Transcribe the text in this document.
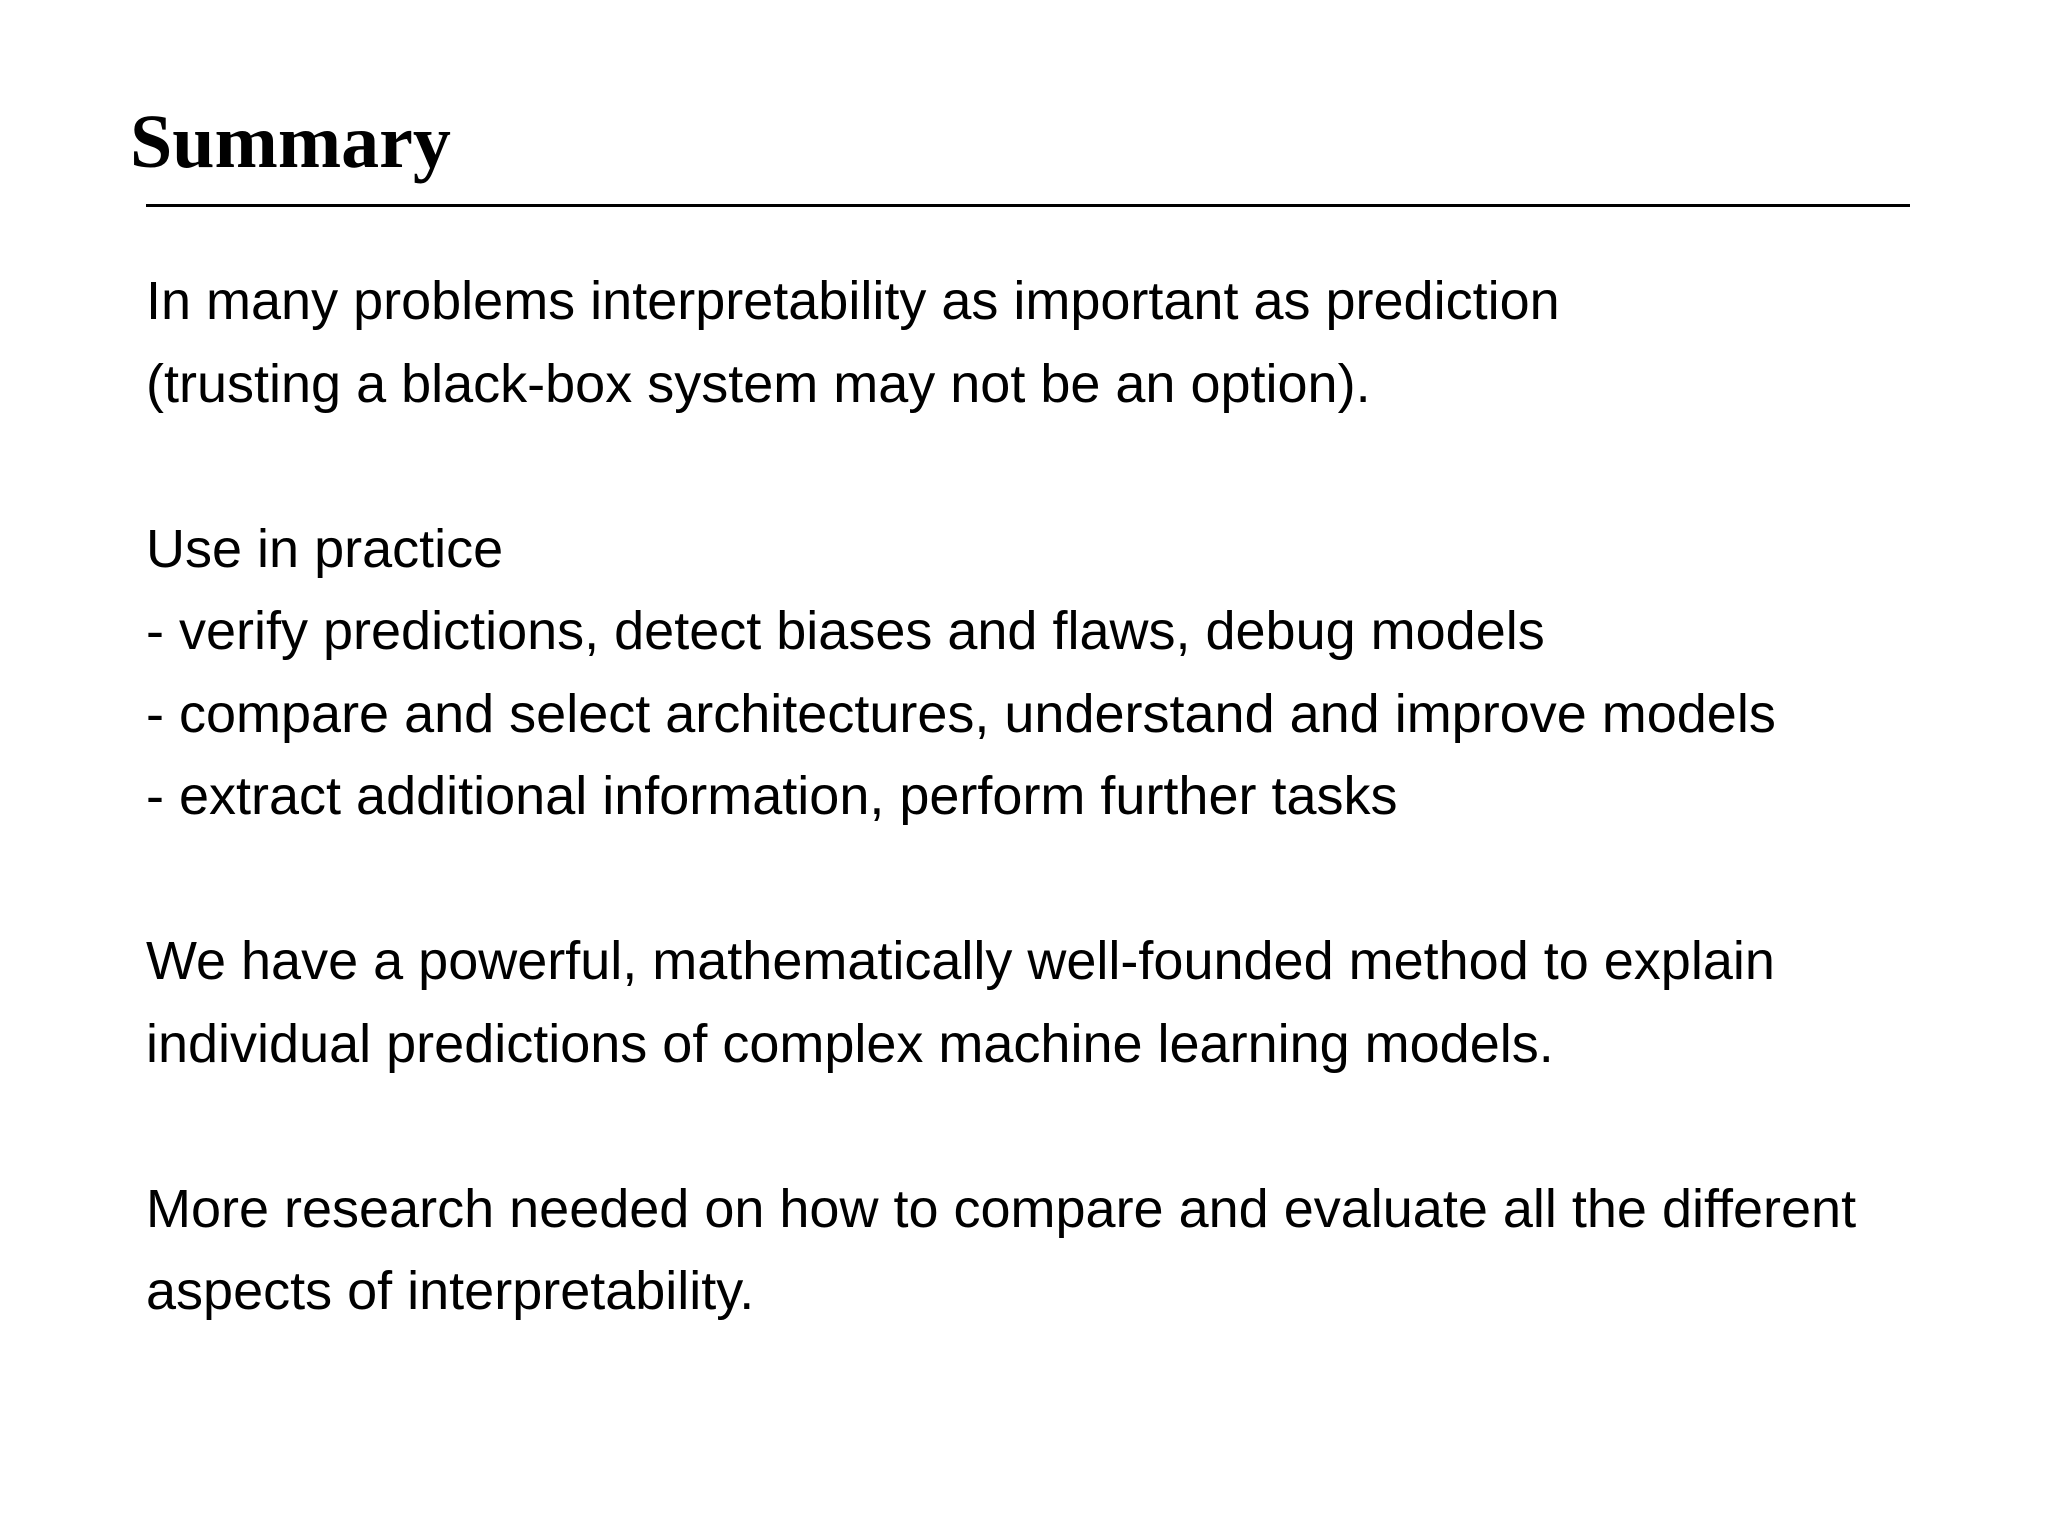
Summary

In many problems interpretability as important as prediction
(trusting a black-box system may not be an option).

Use in practice
- verify predictions, detect biases and flaws, debug models
- compare and select architectures, understand and improve models
- extract additional information, perform further tasks

We have a powerful, mathematically well-founded method to explain
individual predictions of complex machine learning models.

More research needed on how to compare and evaluate all the different
aspects of interpretability.
